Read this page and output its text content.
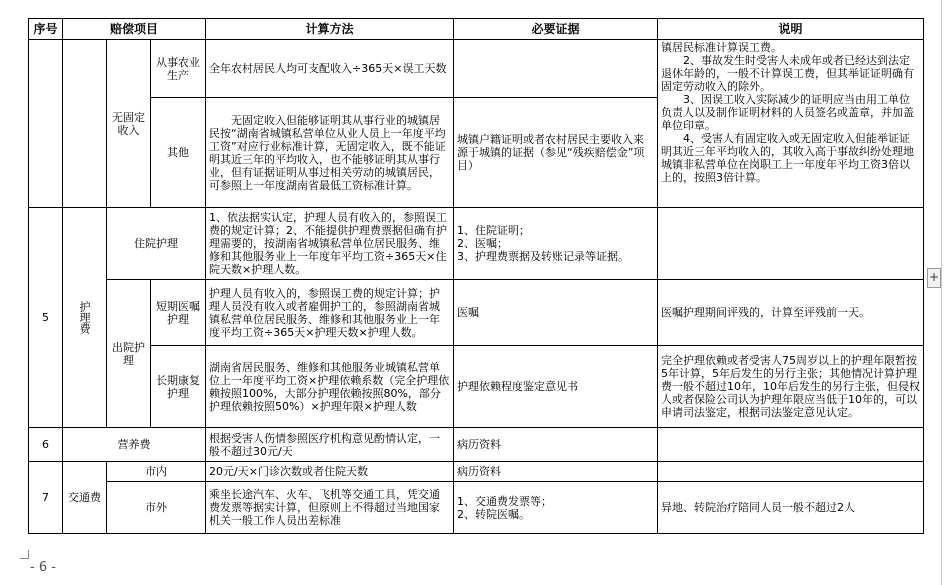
序号	赔偿项目			计算方法	必要证据	说明
		无固定收入	从事农业生产	全年农村居民人均可支配收入÷365天×误工天数		镇居民标准计算误工费。
　　2、事故发生时受害人未成年或者已经达到法定退休年龄的，一般不计算误工费，但其举证证明确有固定劳动收入的除外。
　　3、因误工收入实际减少的证明应当由用工单位负责人以及制作证明材料的人员签名或盖章，并加盖单位印章。
　　4、受害人有固定收入或无固定收入但能举证证明其近三年平均收入的，其收入高于事故纠纷处理地城镇非私营单位在岗职工上一年度年平均工资3倍以上的，按照3倍计算。
			其他	无固定收入但能够证明其从事行业的城镇居民按“湖南省城镇私营单位从业人员上一年度平均工资”对应行业标准计算，无固定收入，既不能证明其近三年的平均收入，也不能够证明其从事行业，但有证据证明从事过相关劳动的城镇居民，可参照上一年度湖南省最低工资标准计算。	城镇户籍证明或者农村居民主要收入来源于城镇的证据（参见“残疾赔偿金”项目）	
5	护理费	住院护理		1、依法据实认定，护理人员有收入的，参照误工费的规定计算；2、不能提供护理费票据但确有护理需要的，按湖南省城镇私营单位居民服务、维修和其他服务业上一年度年平均工资÷365天×住院天数×护理人数。	1、住院证明；
2、医嘱；
3、护理费票据及转账记录等证据。	
		出院护理	短期医嘱护理	护理人员有收入的，参照误工费的规定计算；护理人员没有收入或者雇佣护工的，参照湖南省城镇私营单位居民服务、维修和其他服务业上一年度平均工资÷365天×护理天数×护理人数。	医嘱	医嘱护理期间评残的，计算至评残前一天。
			长期康复护理	湖南省居民服务、维修和其他服务业城镇私营单位上一年度平均工资×护理依赖系数（完全护理依赖按照100%，大部分护理依赖按照80%，部分护理依赖按照50%）×护理年限×护理人数	护理依赖程度鉴定意见书	完全护理依赖或者受害人75周岁以上的护理年限暂按5年计算，5年后发生的另行主张；其他情况计算护理费一般不超过10年，10年后发生的另行主张，但侵权人或者保险公司认为护理年限应当低于10年的，可以申请司法鉴定，根据司法鉴定意见认定。
6	营养费			根据受害人伤情参照医疗机构意见酌情认定，一般不超过30元/天	病历资料	
7	交通费	市内		20元/天×门诊次数或者住院天数	病历资料	
		市外		乘坐长途汽车、火车、飞机等交通工具，凭交通费发票等据实计算，但原则上不得超过当地国家机关一般工作人员出差标准	1、交通费发票等；
2、转院医嘱。	异地、转院治疗陪同人员一般不超过2人
- 6 -
+
